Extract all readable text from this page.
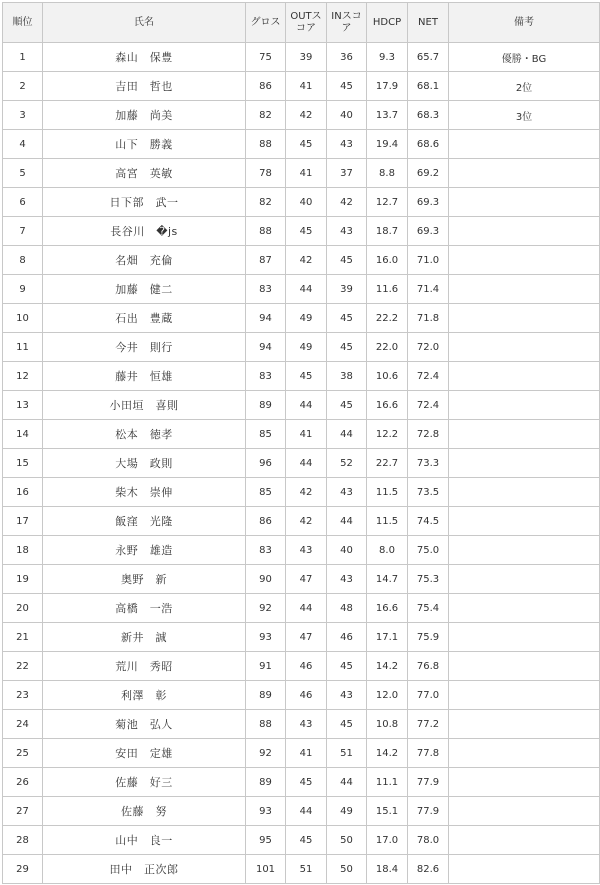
順位	氏名	グロス	OUTスコア	INスコア	HDCP	NET	備考
1	森山　保豊	75	39	36	9.3	65.7	優勝・BG
2	吉田　哲也	86	41	45	17.9	68.1	2位
3	加藤　尚美	82	42	40	13.7	68.3	3位
4	山下　勝義	88	45	43	19.4	68.6	
5	高宮　英敏	78	41	37	8.8	69.2	
6	日下部　武一	82	40	42	12.7	69.3	
7	長谷川　�js	88	45	43	18.7	69.3	
8	名畑　充倫	87	42	45	16.0	71.0	
9	加藤　健二	83	44	39	11.6	71.4	
10	石出　豊蔵	94	49	45	22.2	71.8	
11	今井　則行	94	49	45	22.0	72.0	
12	藤井　恒雄	83	45	38	10.6	72.4	
13	小田垣　喜則	89	44	45	16.6	72.4	
14	松本　徳孝	85	41	44	12.2	72.8	
15	大場　政則	96	44	52	22.7	73.3	
16	柴木　崇伸	85	42	43	11.5	73.5	
17	飯窪　光隆	86	42	44	11.5	74.5	
18	永野　雄造	83	43	40	8.0	75.0	
19	奥野　新	90	47	43	14.7	75.3	
20	高橋　一浩	92	44	48	16.6	75.4	
21	新井　誠	93	47	46	17.1	75.9	
22	荒川　秀昭	91	46	45	14.2	76.8	
23	利澤　彰	89	46	43	12.0	77.0	
24	菊池　弘人	88	43	45	10.8	77.2	
25	安田　定雄	92	41	51	14.2	77.8	
26	佐藤　好三	89	45	44	11.1	77.9	
27	佐藤　努	93	44	49	15.1	77.9	
28	山中　良一	95	45	50	17.0	78.0	
29	田中　正次郎	101	51	50	18.4	82.6	
